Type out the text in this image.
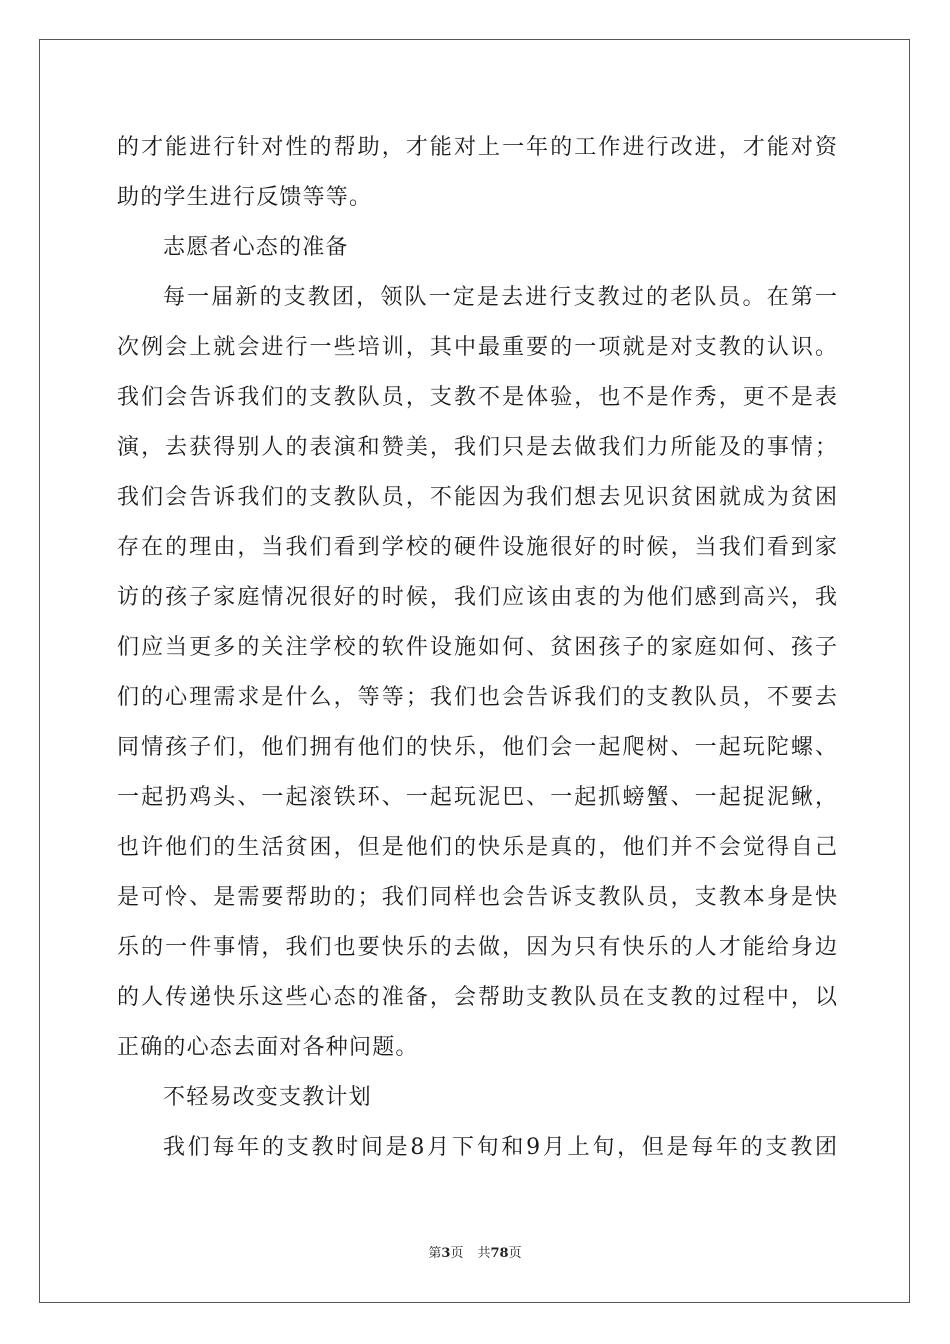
的才能进行针对性的帮助，才能对上一年的工作进行改进，才能对资
助的学生进行反馈等等。
志愿者心态的准备
每一届新的支教团，领队一定是去进行支教过的老队员。在第一
次例会上就会进行一些培训，其中最重要的一项就是对支教的认识。
我们会告诉我们的支教队员，支教不是体验，也不是作秀，更不是表
演，去获得别人的表演和赞美，我们只是去做我们力所能及的事情；
我们会告诉我们的支教队员，不能因为我们想去见识贫困就成为贫困
存在的理由，当我们看到学校的硬件设施很好的时候，当我们看到家
访的孩子家庭情况很好的时候，我们应该由衷的为他们感到高兴，我
们应当更多的关注学校的软件设施如何、贫困孩子的家庭如何、孩子
们的心理需求是什么，等等；我们也会告诉我们的支教队员，不要去
同情孩子们，他们拥有他们的快乐，他们会一起爬树、一起玩陀螺、
一起扔鸡头、一起滚铁环、一起玩泥巴、一起抓螃蟹、一起捉泥鳅，
也许他们的生活贫困，但是他们的快乐是真的，他们并不会觉得自己
是可怜、是需要帮助的；我们同样也会告诉支教队员，支教本身是快
乐的一件事情，我们也要快乐的去做，因为只有快乐的人才能给身边
的人传递快乐这些心态的准备，会帮助支教队员在支教的过程中，以
正确的心态去面对各种问题。
不轻易改变支教计划
我们每年的支教时间是8月下旬和9月上旬，但是每年的支教团
第3页 共78页
